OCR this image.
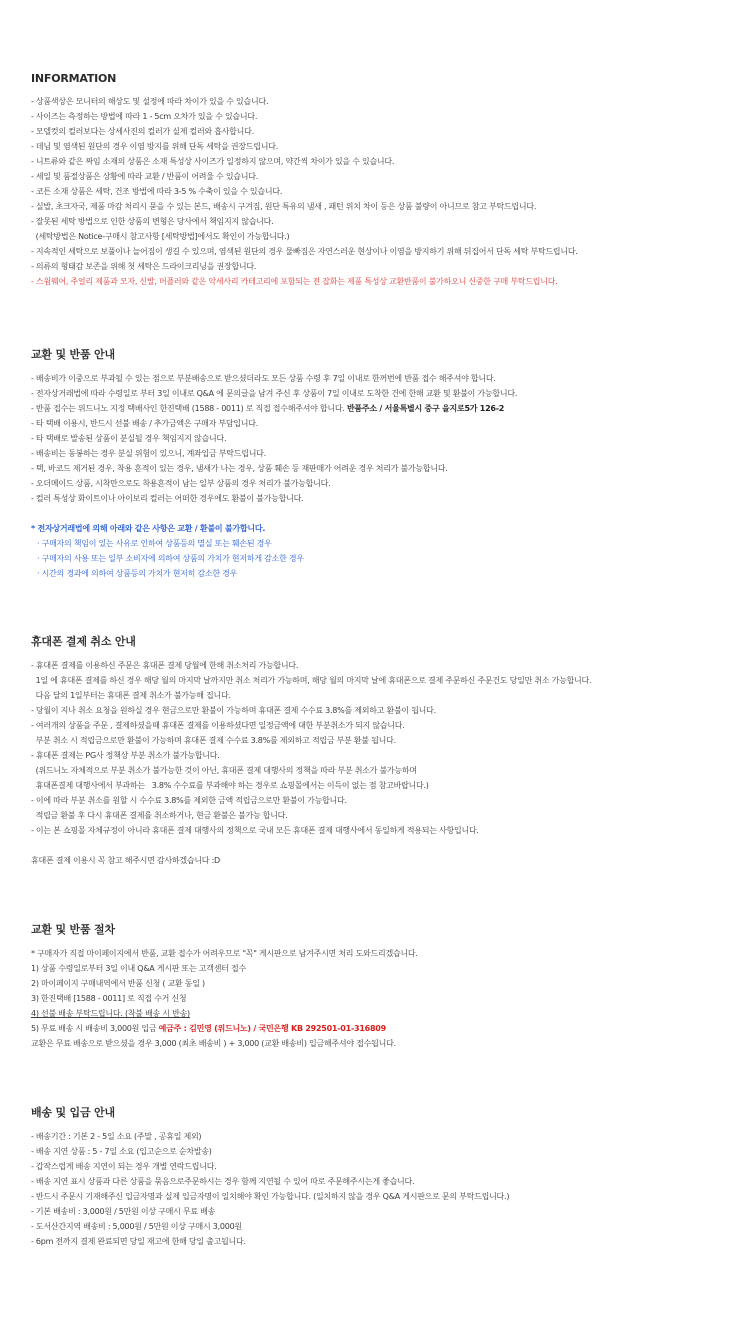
INFORMATION
- 상품색상은 모니터의 해상도 및 설정에 따라 차이가 있을 수 있습니다.
- 사이즈는 측정하는 방법에 따라 1 - 5cm 오차가 있을 수 있습니다.
- 모델컷의 컬러보다는 상세사진의 컬러가 실제 컬러와 흡사합니다.
- 데님 및 염색된 원단의 경우 이염 방지를 위해 단독 세탁을 권장드립니다.
- 니트류와 같은 짜임 소재의 상품은 소재 특성상 사이즈가 일정하지 않으며, 약간씩 차이가 있을 수 있습니다.
- 세일 및 품절상품은 상황에 따라 교환 / 반품이 어려울 수 있습니다.
- 코튼 소재 상품은 세탁, 건조 방법에 따라 3-5 % 수축이 있을 수 있습니다.
- 실밥, 초크자국, 제품 마감 처리시 묻을 수 있는 본드, 배송시 구겨짐, 원단 특유의 냄새 , 패턴 위치 차이 등은 상품 불량이 아니므로 참고 부탁드립니다.
- 잘못된 세탁 방법으로 인한 상품의 변형은 당사에서 책임지지 않습니다.
(세탁방법은 Notice-구매시 참고사항 [세탁방법]에서도 확인이 가능합니다.)
- 지속적인 세탁으로 보풀이나 늘어짐이 생길 수 있으며, 염색된 원단의 경우 물빠짐은 자연스러운 현상이나 이염을 방지하기 위해 뒤집어서 단독 세탁 부탁드립니다.
- 의류의 형태감 보존을 위해 첫 세탁은 드라이크리닝을 권장합니다.
- 스윔웨어, 주얼리 제품과 모자, 신발, 머플러와 같은 악세사리 카테고리에 포함되는 전 잡화는 제품 특성상 교환반품이 불가하오니 신중한 구매 부탁드립니다.
교환 및 반품 안내
- 배송비가 이중으로 부과될 수 있는 점으로 부분배송으로 받으셨더라도 모든 상품 수령 후 7일 이내로 한꺼번에 반품 접수 해주셔야 합니다.
- 전자상거래법에 따라 수령일로 부터 3일 이내로 Q&A 에 문의글을 남겨 주신 후 상품이 7일 이내로 도착한 건에 한해 교환 및 환불이 가능합니다.
- 반품 접수는 위드니노 지정 택배사인 한진택배 (1588 - 0011) 로 직접 접수해주셔야 합니다. 반품주소 / 서울특별시 중구 을지로5가 126-2
- 타 택배 이용시, 반드시 선불 배송 / 추가금액은 구매자 부담입니다.
- 타 택배로 발송된 상품이 분실될 경우 책임지지 않습니다.
- 배송비는 동봉하는 경우 분실 위험이 있으니, 계좌입금 부탁드립니다.
- 택, 바코드 제거된 경우, 착용 흔적이 있는 경우, 냄새가 나는 경우, 상품 훼손 등 재판매가 어려운 경우 처리가 불가능합니다.
- 오더메이드 상품, 시착만으로도 착용흔적이 남는 일부 상품의 경우 처리가 불가능합니다.
- 컬러 특성상 화이트이나 아이보리 컬러는 어떠한 경우에도 환불이 불가능합니다.
* 전자상거래법에 의해 아래와 같은 사항은 교환 / 환불이 불가합니다.
· 구매자의 책임이 있는 사유로 인하여 상품등의 멸실 또는 훼손된 경우
· 구매자의 사용 또는 일부 소비자에 의하여 상품의 가치가 현저하게 감소한 경우
· 시간의 경과에 의하여 상품등의 가치가 현저히 감소한 경우
휴대폰 결제 취소 안내
- 휴대폰 결제를 이용하신 주문은 휴대폰 결제 당월에 한해 취소처리 가능합니다.
1일 에 휴대폰 결제를 하신 경우 해당 월의 마지막 날까지만 취소 처리가 가능하며, 해당 월의 마지막 날에 휴대폰으로 결제 주문하신 주문건도 당일만 취소 가능합니다.
다음 달의 1일부터는 휴대폰 결제 취소가 불가능해 집니다.
- 당월이 지나 취소 요청을 원하실 경우 현금으로만 환불이 가능하며 휴대폰 결제 수수료 3.8%를 제외하고 환불이 됩니다.
- 여러개의 상품을 주문 , 결제하셨을때 휴대폰 결제를 이용하셨다면 일정금액에 대한 부분취소가 되지 않습니다.
부분 취소 시 적립금으로만 환불이 가능하며 휴대폰 결제 수수료 3.8%를 제외하고 적립금 부분 환불 됩니다.
- 휴대폰 결제는 PG사 정책상 부분 취소가 불가능합니다.
(위드니노 자체적으로 부분 취소가 불가능한 것이 아닌, 휴대폰 결제 대행사의 정책을 따라 부분 취소가 불가능하며
휴대폰결제 대행사에서 부과하는   3.8% 수수료를 부과해야 하는 경우로 쇼핑몰에서는 이득이 없는 점 참고바랍니다.)
- 이에 따라 부분 취소를 원할 시 수수료 3.8%를 제외한 금액 적립금으로만 환불이 가능합니다.
적립금 환불 후 다시 휴대폰 결제를 취소하거나, 현금 환불은 불가능 합니다.
- 이는 본 쇼핑몰 자체규정이 아니라 휴대폰 결제 대행사의 정책으로 국내 모든 휴대폰 결제 대행사에서 동일하게 적용되는 사항입니다.
휴대폰 결제 이용시 꼭 참고 해주시면 감사하겠습니다 :D
교환 및 반품 절차
* 구매자가 직접 마이페이지에서 반품, 교환 접수가 어려우므로 "꼭" 게시판으로 남겨주시면 처리 도와드리겠습니다.
1) 상품 수령일로부터 3일 이내 Q&A 게시판 또는 고객센터 접수
2) 마이페이지 구매내역에서 반품 신청 ( 교환 동일 )
3) 한진택배 [1588 - 0011] 로 직접 수거 신청
4) 선불 배송 부탁드립니다. (착불 배송 시 반송)
5) 무료 배송 시 배송비 3,000원 입금 예금주 : 김민영 (위드니노) / 국민은행 KB 292501-01-316809
교환은 무료 배송으로 받으셨을 경우 3,000 (최초 배송비 ) + 3,000 (교환 배송비) 입금해주셔야 접수됩니다.
배송 및 입금 안내
- 배송기간 : 기본 2 - 5일 소요 (주말 , 공휴일 제외)
- 배송 지연 상품 : 5 - 7일 소요 (입고순으로 순차발송)
- 갑작스럽게 배송 지연이 되는 경우 개별 연락드립니다.
- 배송 지연 표시 상품과 다른 상품을 묶음으로주문하시는 경우 함께 지연될 수 있어 따로 주문해주시는게 좋습니다.
- 반드시 주문시 기재해주신 입금자명과 실제 입금자명이 일치해야 확인 가능합니다. (일치하지 않을 경우 Q&A 게시판으로 문의 부탁드립니다.)
- 기본 배송비 : 3,000원 / 5만원 이상 구매시 무료 배송
- 도서산간지역 배송비 : 5,000원 / 5만원 이상 구매시 3,000원
- 6pm 전까지 결제 완료되면 당일 재고에 한해 당일 출고됩니다.
